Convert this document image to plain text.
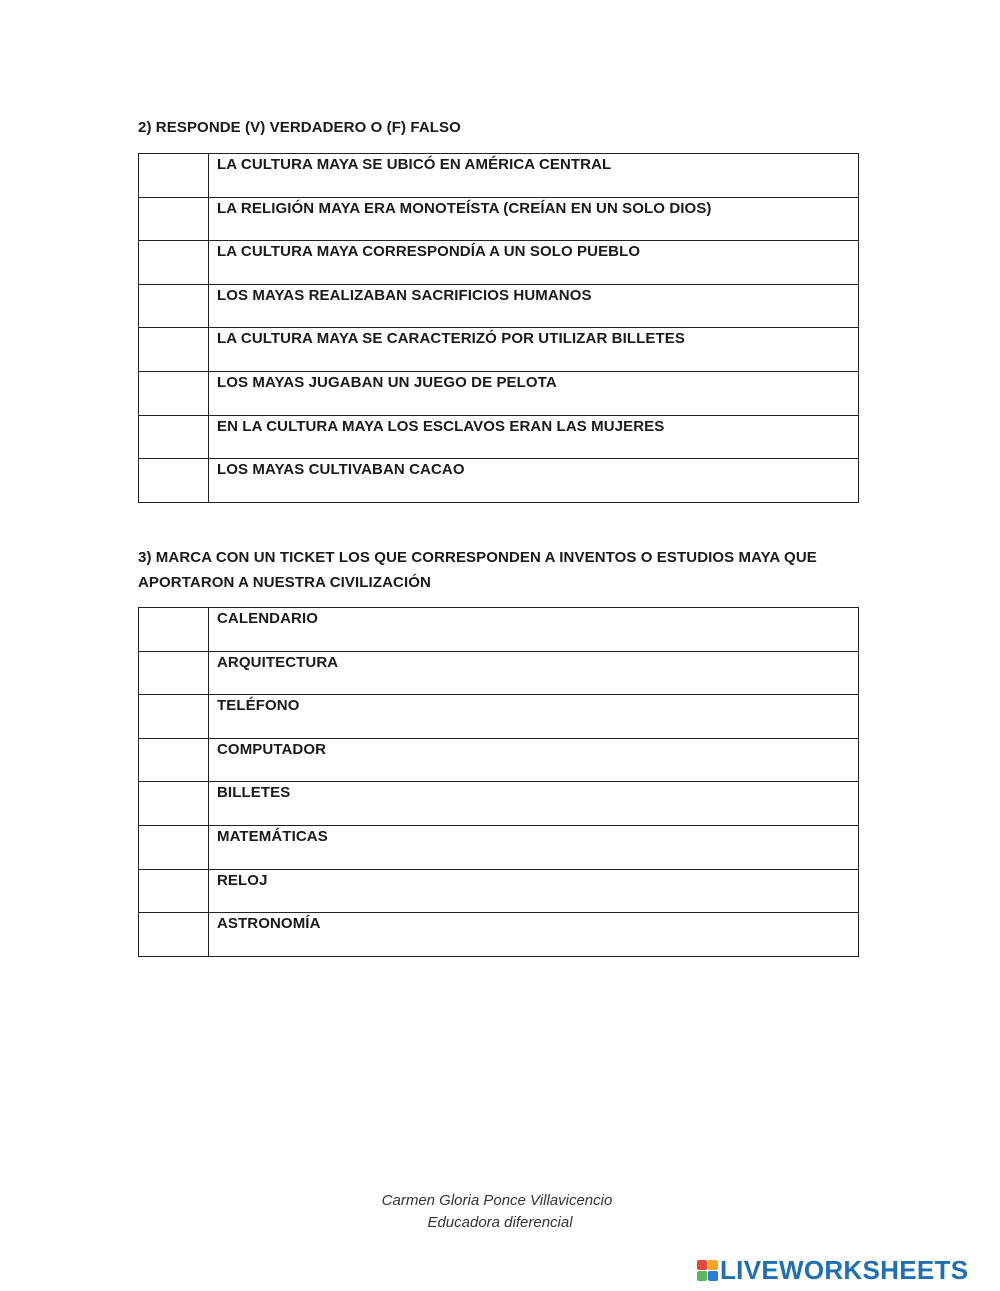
2) RESPONDE (V) VERDADERO O (F) FALSO
	LA CULTURA MAYA SE UBICÓ EN AMÉRICA CENTRAL
	LA RELIGIÓN MAYA ERA MONOTEÍSTA (CREÍAN EN UN SOLO DIOS)
	LA CULTURA MAYA CORRESPONDÍA A UN SOLO PUEBLO
	LOS MAYAS REALIZABAN SACRIFICIOS HUMANOS
	LA CULTURA MAYA SE CARACTERIZÓ POR UTILIZAR BILLETES
	LOS MAYAS JUGABAN UN JUEGO DE PELOTA
	EN LA CULTURA MAYA LOS ESCLAVOS ERAN LAS MUJERES
	LOS MAYAS CULTIVABAN CACAO
3) MARCA CON UN TICKET LOS QUE CORRESPONDEN A INVENTOS O ESTUDIOS MAYA QUE
APORTARON A NUESTRA CIVILIZACIÓN
	CALENDARIO
	ARQUITECTURA
	TELÉFONO
	COMPUTADOR
	BILLETES
	MATEMÁTICAS
	RELOJ
	ASTRONOMÍA
Carmen Gloria Ponce Villavicencio
Educadora diferencial
LIVEWORKSHEETS
